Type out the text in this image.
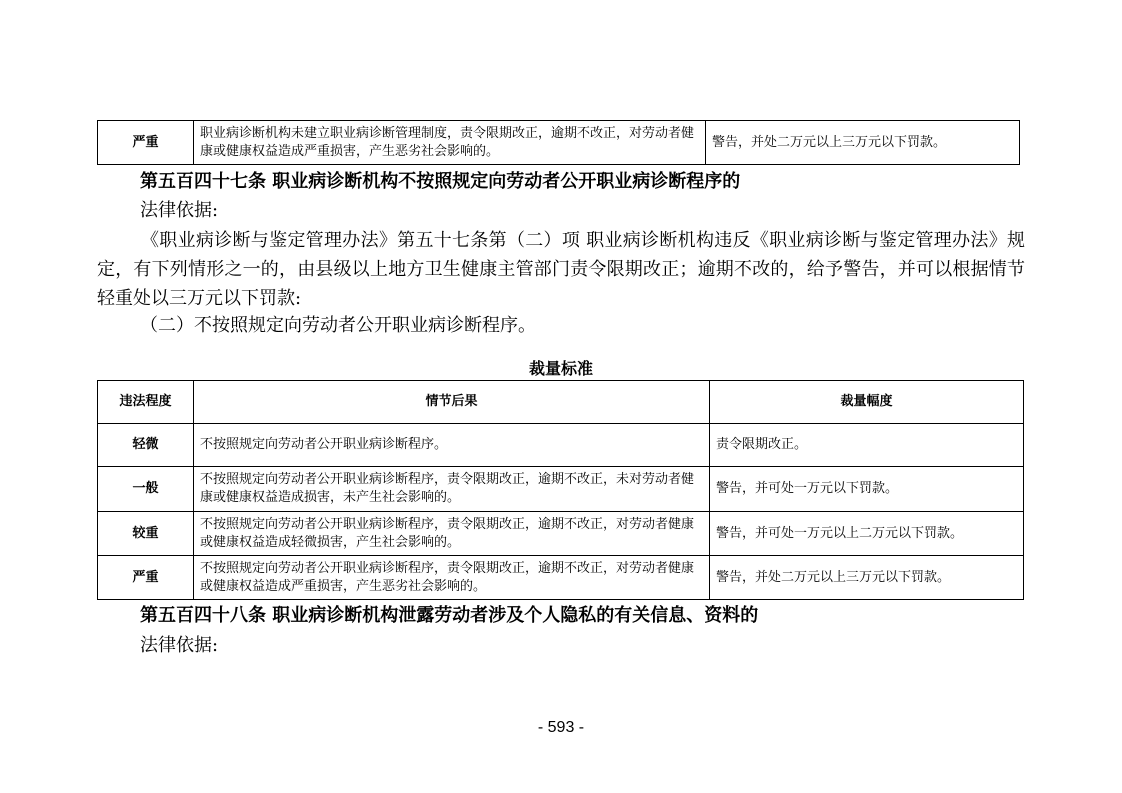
严重	职业病诊断机构未建立职业病诊断管理制度，责令限期改正，逾期不改正，对劳动者健康或健康权益造成严重损害，产生恶劣社会影响的。	警告，并处二万元以上三万元以下罚款。
第五百四十七条 职业病诊断机构不按照规定向劳动者公开职业病诊断程序的
法律依据:

《职业病诊断与鉴定管理办法》第五十七条第（二）项 职业病诊断机构违反《职业病诊断与鉴定管理办法》规定，有下列情形之一的，由县级以上地方卫生健康主管部门责令限期改正；逾期不改的，给予警告，并可以根据情节轻重处以三万元以下罚款:

（二）不按照规定向劳动者公开职业病诊断程序。
裁量标准
违法程度	情节后果	裁量幅度
轻微	不按照规定向劳动者公开职业病诊断程序。	责令限期改正。
一般	不按照规定向劳动者公开职业病诊断程序，责令限期改正，逾期不改正，未对劳动者健康或健康权益造成损害，未产生社会影响的。	警告，并可处一万元以下罚款。
较重	不按照规定向劳动者公开职业病诊断程序，责令限期改正，逾期不改正，对劳动者健康或健康权益造成轻微损害，产生社会影响的。	警告，并可处一万元以上二万元以下罚款。
严重	不按照规定向劳动者公开职业病诊断程序，责令限期改正，逾期不改正，对劳动者健康或健康权益造成严重损害，产生恶劣社会影响的。	警告，并处二万元以上三万元以下罚款。
第五百四十八条 职业病诊断机构泄露劳动者涉及个人隐私的有关信息、资料的
法律依据:
- 593 -
